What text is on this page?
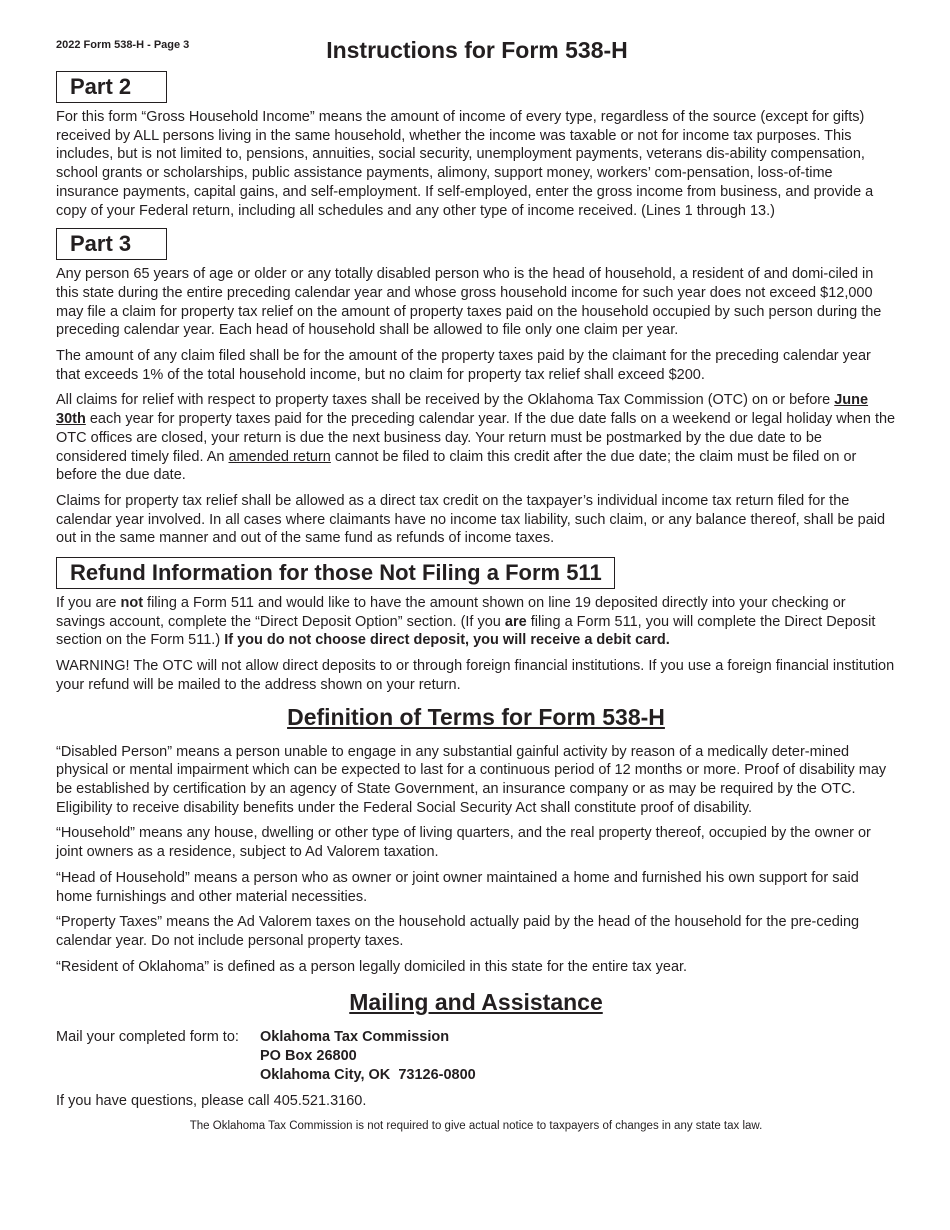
2022 Form 538-H - Page 3	Instructions for Form 538-H
Part 2

For this form “Gross Household Income” means the amount of income of every type, regardless of the source (except for gifts) received by ALL persons living in the same household, whether the income was taxable or not for income tax purposes. This includes, but is not limited to, pensions, annuities, social security, unemployment payments, veterans dis-ability compensation, school grants or scholarships, public assistance payments, alimony, support money, workers’ com-pensation, loss-of-time insurance payments, capital gains, and self-employment. If self-employed, enter the gross income from business, and provide a copy of your Federal return, including all schedules and any other type of income received. (Lines 1 through 13.)

Part 3

Any person 65 years of age or older or any totally disabled person who is the head of household, a resident of and domi-ciled in this state during the entire preceding calendar year and whose gross household income for such year does not exceed $12,000 may file a claim for property tax relief on the amount of property taxes paid on the household occupied by such person during the preceding calendar year. Each head of household shall be allowed to file only one claim per year.

The amount of any claim filed shall be for the amount of the property taxes paid by the claimant for the preceding calendar year that exceeds 1% of the total household income, but no claim for property tax relief shall exceed $200.

All claims for relief with respect to property taxes shall be received by the Oklahoma Tax Commission (OTC) on or before June 30th each year for property taxes paid for the preceding calendar year. If the due date falls on a weekend or legal holiday when the OTC offices are closed, your return is due the next business day. Your return must be postmarked by the due date to be considered timely filed. An amended return cannot be filed to claim this credit after the due date; the claim must be filed on or before the due date.

Claims for property tax relief shall be allowed as a direct tax credit on the taxpayer’s individual income tax return filed for the calendar year involved. In all cases where claimants have no income tax liability, such claim, or any balance thereof, shall be paid out in the same manner and out of the same fund as refunds of income taxes.

Refund Information for those Not Filing a Form 511

If you are not filing a Form 511 and would like to have the amount shown on line 19 deposited directly into your checking or savings account, complete the “Direct Deposit Option” section. (If you are filing a Form 511, you will complete the Direct Deposit section on the Form 511.) If you do not choose direct deposit, you will receive a debit card.

WARNING! The OTC will not allow direct deposits to or through foreign financial institutions. If you use a foreign financial institution your refund will be mailed to the address shown on your return.

Definition of Terms for Form 538-H

“Disabled Person” means a person unable to engage in any substantial gainful activity by reason of a medically deter-mined physical or mental impairment which can be expected to last for a continuous period of 12 months or more. Proof of disability may be established by certification by an agency of State Government, an insurance company or as may be required by the OTC. Eligibility to receive disability benefits under the Federal Social Security Act shall constitute proof of disability.

“Household” means any house, dwelling or other type of living quarters, and the real property thereof, occupied by the owner or joint owners as a residence, subject to Ad Valorem taxation.

“Head of Household” means a person who as owner or joint owner maintained a home and furnished his own support for said home furnishings and other material necessities.

“Property Taxes” means the Ad Valorem taxes on the household actually paid by the head of the household for the pre-ceding calendar year. Do not include personal property taxes.

“Resident of Oklahoma” is defined as a person legally domiciled in this state for the entire tax year.

Mailing and Assistance
Mail your completed form to:	Oklahoma Tax Commission
PO Box 26800
Oklahoma City, OK  73126-0800

If you have questions, please call 405.521.3160.

The Oklahoma Tax Commission is not required to give actual notice to taxpayers of changes in any state tax law.
